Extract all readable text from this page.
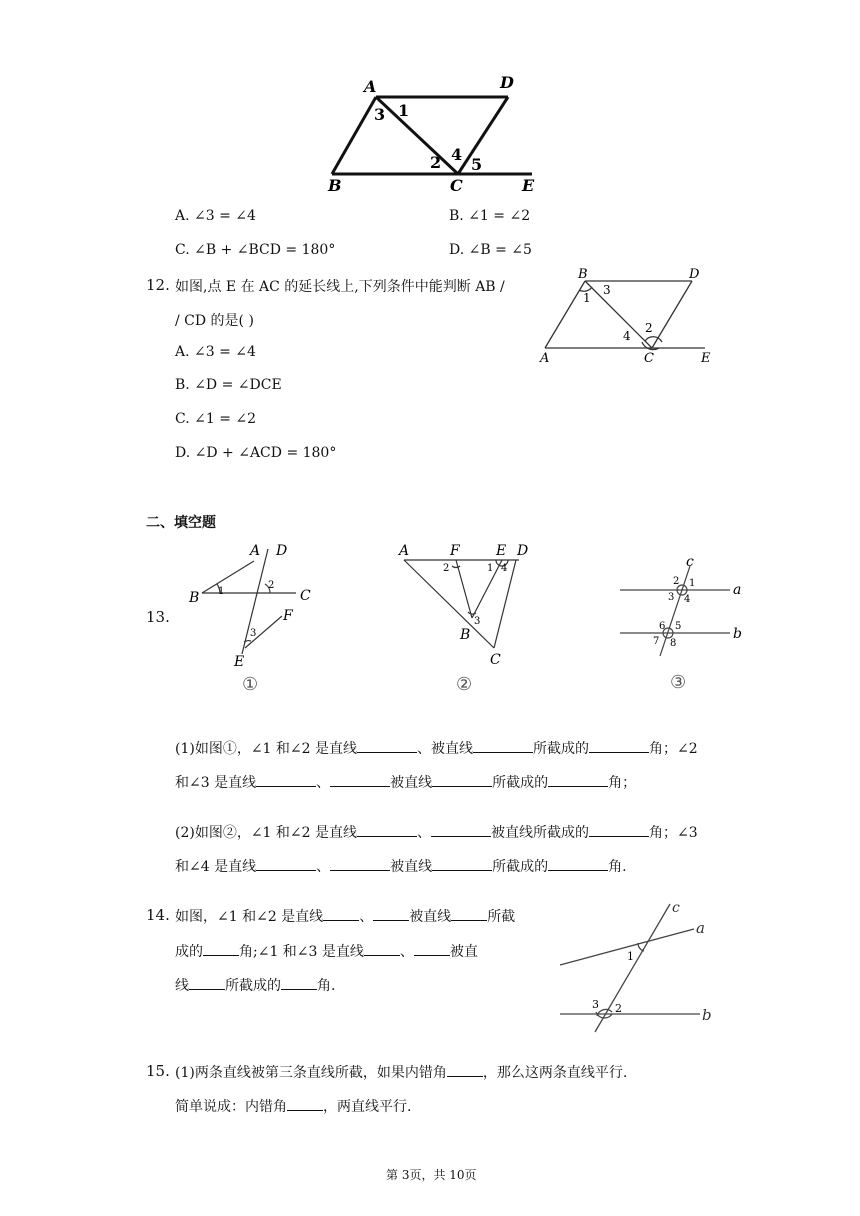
A	D
B	C	E
1
2
3
4
5
A. ∠3 = ∠4	B. ∠1 = ∠2
C. ∠B + ∠BCD = 180°	D. ∠B = ∠5
12. 如图,点 E 在 AC 的延长线上,下列条件中能判断 AB /
/ CD 的是( )
A. ∠3 = ∠4
B. ∠D = ∠DCE
C. ∠1 = ∠2
D. ∠D + ∠ACD = 180°
B	D
1
3
2
4
A	C	E
二、填空题
13.
A D
B 1
2
C
F
3
E
①
A	F	E D
2	1 4
B
3
C
②
c
2 1	a
3 4
6 5	b
7 8
③
(1)如图①，∠1 和∠2 是直线	、被直线	所截成的	角；∠2
和∠3 是直线	、	被直线	所截成的	角；
(2)如图②，∠1 和∠2 是直线	、	被直线所截成的	角；∠3
和∠4 是直线	、	被直线	所截成的	角.
14. 如图，∠1 和∠2 是直线	、	被直线	所截
成的	角;∠1 和∠3 是直线	、	被直
线	所截成的	角.
c
a
1
3 2	b
15. (1)两条直线被第三条直线所截，如果内错角	，那么这两条直线平行.
简单说成：内错角	，两直线平行.
第 3页，共 10页
